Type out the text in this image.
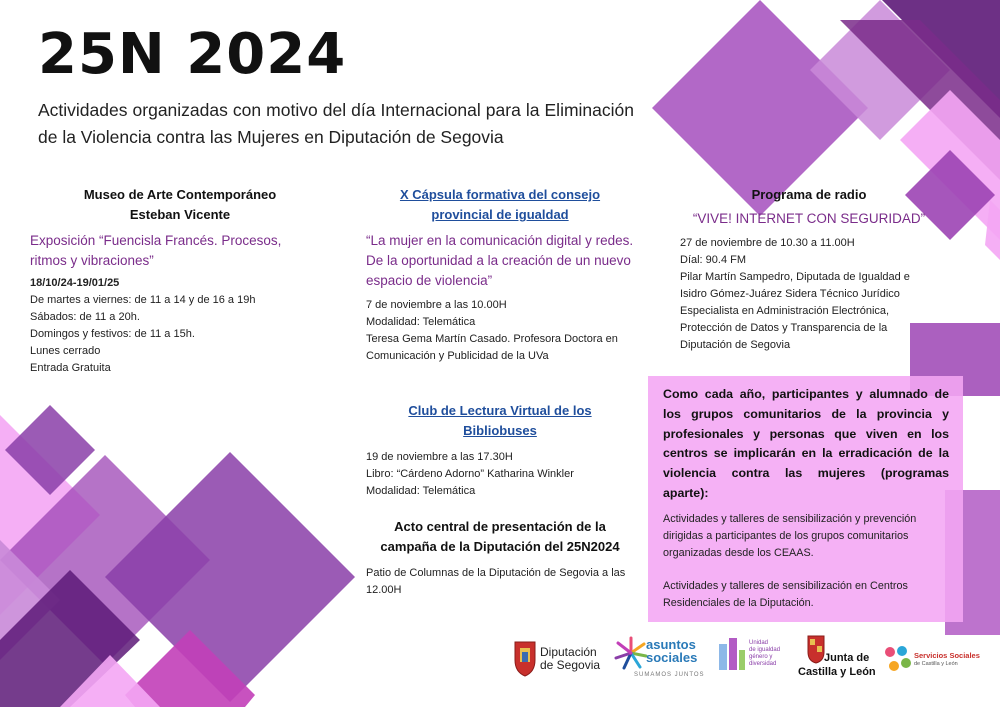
25N 2024
Actividades organizadas con motivo del día Internacional para la Eliminación de la Violencia contra las Mujeres en Diputación de Segovia
Museo de Arte Contemporáneo
Esteban Vicente
Exposición “Fuencisla Francés. Procesos, ritmos y vibraciones”
18/10/24-19/01/25
De martes a viernes: de 11 a 14 y de 16 a 19h
Sábados: de 11 a 20h.
Domingos y festivos: de 11 a 15h.
Lunes cerrado
Entrada Gratuita
X Cápsula formativa del consejo provincial de igualdad
“La mujer en la comunicación digital y redes. De la oportunidad a la creación de un nuevo espacio de violencia”
7 de noviembre a las 10.00H
Modalidad: Telemática
Teresa Gema Martín Casado. Profesora Doctora en Comunicación y Publicidad de la UVa
Club de Lectura Virtual de los Bibliobuses
19 de noviembre a las 17.30H
Libro: “Cárdeno Adorno” Katharina Winkler
Modalidad: Telemática
Acto central de presentación de la campaña de la Diputación del 25N2024
Patio de Columnas de la Diputación de Segovia a las 12.00H
Programa de radio
“VIVE! INTERNET CON SEGURIDAD”
27 de noviembre de 10.30 a 11.00H
Díal: 90.4 FM
Pilar Martín Sampedro, Diputada de Igualdad e Isidro Gómez-Juárez Sidera Técnico Jurídico Especialista en Administración Electrónica, Protección de Datos y Transparencia de la Diputación de Segovia
Como cada año, participantes y alumnado de los grupos comunitarios de la provincia y profesionales y personas que viven en los centros se implicarán en la erradicación de la violencia contra las mujeres (programas aparte):
Actividades y talleres de sensibilización y prevención dirigidas a participantes de los grupos comunitarios organizadas desde los CEAAS.
Actividades y talleres de sensibilización en Centros Residenciales de la Diputación.
Diputación
de Segovia
asuntos
sociales
SUMAMOS JUNTOS
Unidad
de igualdad
género y
diversidad	Junta de
Castilla y León
Servicios Sociales
de Castilla y León
